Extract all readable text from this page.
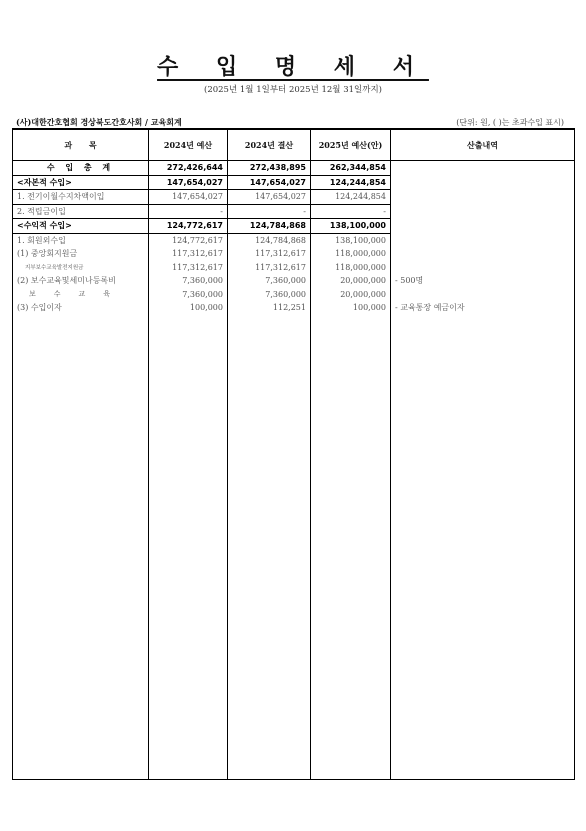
수 입 명 세 서
(2025년 1월 1일부터 2025년 12월 31일까지)
(사)대한간호협회 경상북도간호사회 / 교육회계	(단위: 원, ( )는 초과수입 표시)
과      목	2024년 예산	2024년 결산	2025년 예산(안)	산출내역
수 입 총 계	272,426,644	272,438,895	262,344,854	
<자본적 수입>	147,654,027	147,654,027	124,244,854	
1. 전기이월수지차액이입	147,654,027	147,654,027	124,244,854	
2. 적립금이입	-	-	-	
<수익적 수입>	124,772,617	124,784,868	138,100,000	
1. 회원외수입	124,772,617	124,784,868	138,100,000	
(1) 중앙회지원금	117,312,617	117,312,617	118,000,000	
지부보수교육발전지원금	117,312,617	117,312,617	118,000,000	
(2) 보수교육및세미나등록비	7,360,000	7,360,000	20,000,000	- 500명
보수교육	7,360,000	7,360,000	20,000,000	
(3) 수입이자	100,000	112,251	100,000	- 교육통장 예금이자
